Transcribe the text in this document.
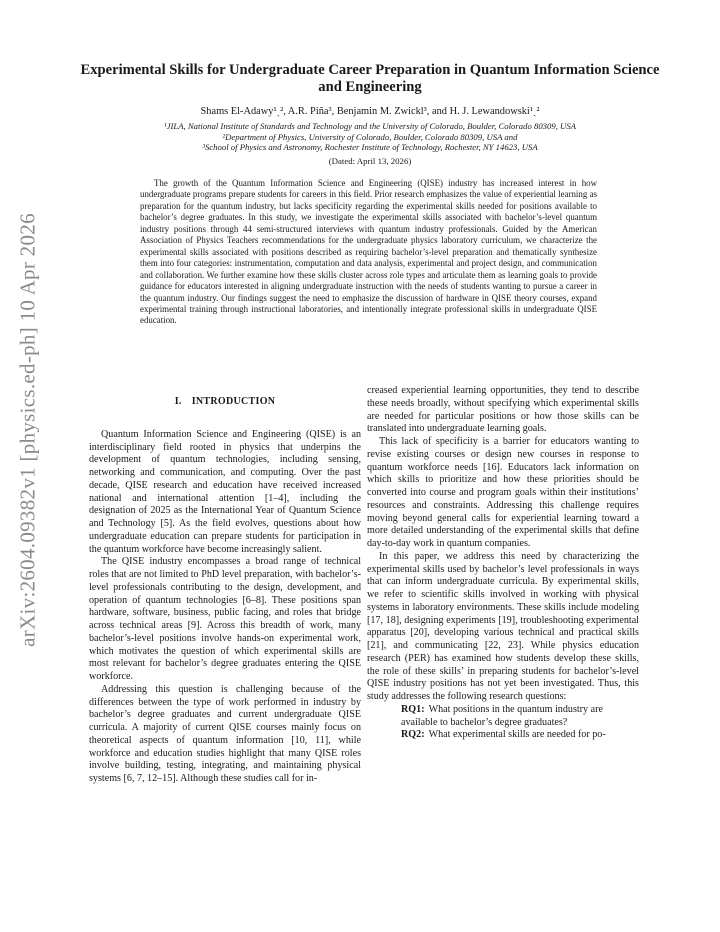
arXiv:2604.09382v1 [physics.ed-ph] 10 Apr 2026
Experimental Skills for Undergraduate Career Preparation in Quantum Information Science and Engineering
Shams El-Adawy¹ˎ², A.R. Piña³, Benjamin M. Zwickl³, and H. J. Lewandowski¹ˎ²
¹JILA, National Institute of Standards and Technology and the University of Colorado, Boulder, Colorado 80309, USA
²Department of Physics, University of Colorado, Boulder, Colorado 80309, USA and
³School of Physics and Astronomy, Rochester Institute of Technology, Rochester, NY 14623, USA
(Dated: April 13, 2026)

The growth of the Quantum Information Science and Engineering (QISE) industry has increased interest in how undergraduate programs prepare students for careers in this field. Prior research emphasizes the value of experiential learning as preparation for the quantum industry, but lacks specificity regarding the experimental skills needed for positions available to bachelor’s degree graduates. In this study, we investigate the experimental skills associated with bachelor’s-level quantum industry positions through 44 semi-structured interviews with quantum industry professionals. Guided by the American Association of Physics Teachers recommendations for the undergraduate physics laboratory curriculum, we characterize the experimental skills associated with positions described as requiring bachelor’s-level preparation and thematically synthesize them into four categories: instrumentation, computation and data analysis, experimental and project design, and communication and collaboration. We further examine how these skills cluster across role types and articulate them as learning goals to provide guidance for educators interested in aligning undergraduate instruction with the needs of students wanting to pursue a career in the quantum industry. Our findings suggest the need to emphasize the discussion of hardware in QISE theory courses, expand experimental training through instructional laboratories, and intentionally integrate professional skills in undergraduate QISE education.

I. INTRODUCTION

Quantum Information Science and Engineering (QISE) is an interdisciplinary field rooted in physics that underpins the development of quantum technologies, including sensing, networking and communication, and computing. Over the past decade, QISE research and education have received increased national and international attention [1–4], including the designation of 2025 as the International Year of Quantum Science and Technology [5]. As the field evolves, questions about how undergraduate education can prepare students for participation in the quantum workforce have become increasingly salient.

The QISE industry encompasses a broad range of technical roles that are not limited to PhD level preparation, with bachelor’s-level professionals contributing to the design, development, and operation of quantum technologies [6–8]. These positions span hardware, software, business, public facing, and roles that bridge across technical areas [9]. Across this breadth of work, many bachelor’s-level positions involve hands-on experimental work, which motivates the question of which experimental skills are most relevant for bachelor’s degree graduates entering the QISE workforce.

Addressing this question is challenging because of the differences between the type of work performed in industry by bachelor’s degree graduates and current undergraduate QISE curricula. A majority of current QISE courses mainly focus on theoretical aspects of quantum information [10, 11], while workforce and education studies highlight that many QISE roles involve building, testing, integrating, and maintaining physical systems [6, 7, 12–15]. Although these studies call for in-

creased experiential learning opportunities, they tend to describe these needs broadly, without specifying which experimental skills are needed for particular positions or how those skills can be translated into undergraduate learning goals.

This lack of specificity is a barrier for educators wanting to revise existing courses or design new courses in response to quantum workforce needs [16]. Educators lack information on which skills to prioritize and how these priorities should be converted into course and program goals within their institutions’ resources and constraints. Addressing this challenge requires moving beyond general calls for experiential learning toward a more detailed understanding of the experimental skills that define day-to-day work in quantum companies.

In this paper, we address this need by characterizing the experimental skills used by bachelor’s level professionals in ways that can inform undergraduate curricula. By experimental skills, we refer to scientific skills involved in working with physical systems in laboratory environments. These skills include modeling [17, 18], designing experiments [19], troubleshooting experimental apparatus [20], developing various technical and practical skills [21], and communicating [22, 23]. While physics education research (PER) has examined how students develop these skills, the role of these skills’ in preparing students for bachelor’s-level QISE industry positions has not yet been investigated. Thus, this study addresses the following research questions:

RQ1: What positions in the quantum industry are available to bachelor’s degree graduates?

RQ2: What experimental skills are needed for po-
